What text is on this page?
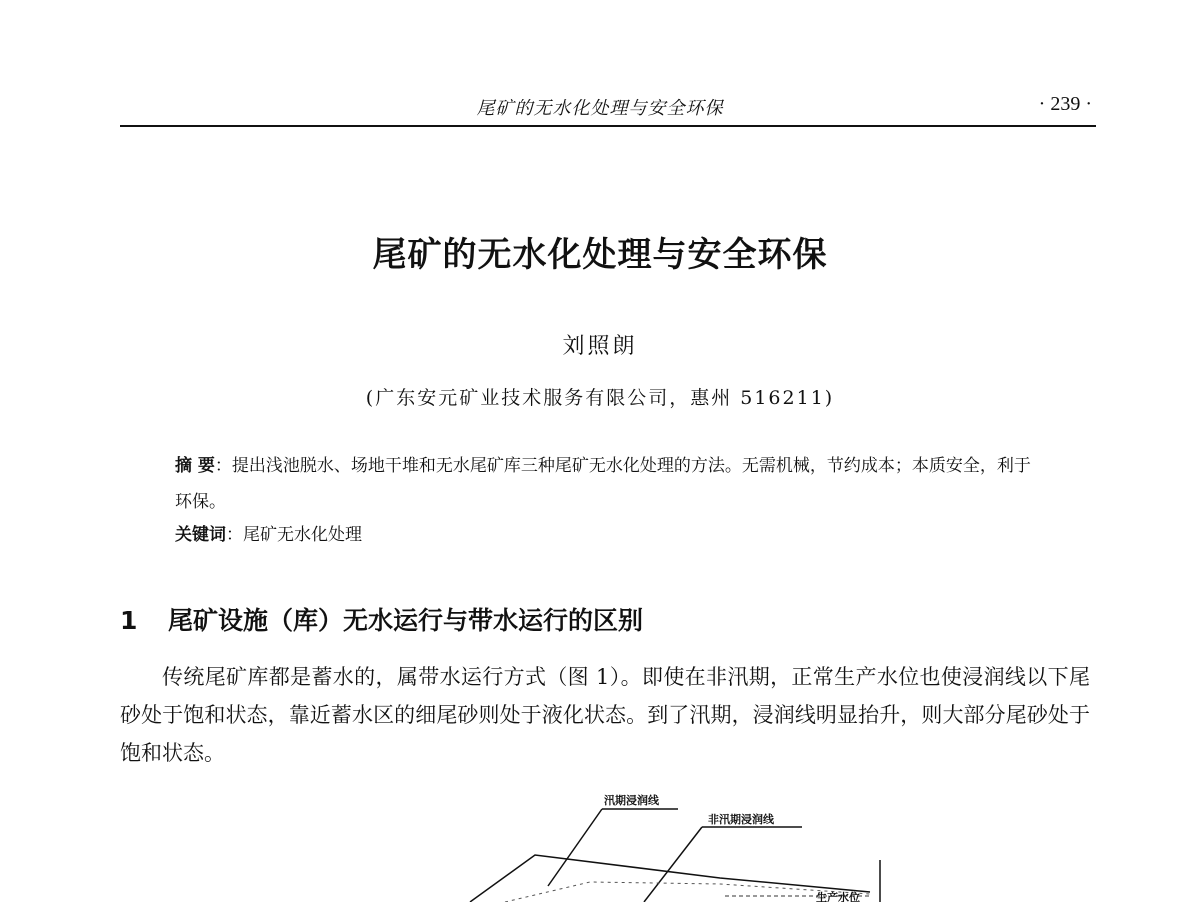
尾矿的无水化处理与安全环保	· 239 ·
尾矿的无水化处理与安全环保
刘照朗
(广东安元矿业技术服务有限公司，惠州 516211)

摘 要：提出浅池脱水、场地干堆和无水尾矿库三种尾矿无水化处理的方法。无需机械，节约成本；本质安全，利于环保。

关键词：尾矿无水化处理
1 尾矿设施（库）无水运行与带水运行的区别

传统尾矿库都是蓄水的，属带水运行方式（图 1）。即使在非汛期，正常生产水位也使浸润线以下尾砂处于饱和状态，靠近蓄水区的细尾砂则处于液化状态。到了汛期，浸润线明显抬升，则大部分尾砂处于饱和状态。

汛期浸润线
非汛期浸润线
生产水位
